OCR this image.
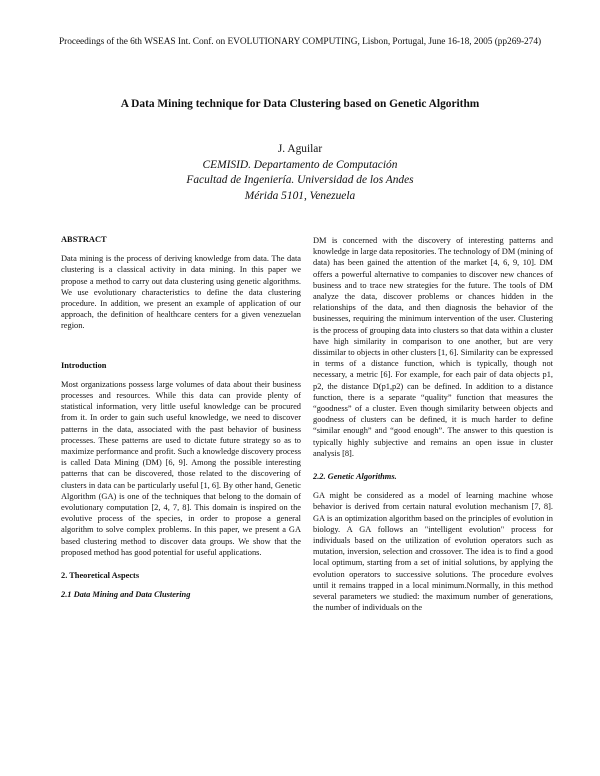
Proceedings of the 6th WSEAS Int. Conf. on EVOLUTIONARY COMPUTING, Lisbon, Portugal, June 16-18, 2005 (pp269-274)
A Data Mining technique for Data Clustering based on Genetic Algorithm
J. Aguilar
CEMISID. Departamento de Computación
Facultad de Ingeniería. Universidad de los Andes
Mérida 5101, Venezuela

ABSTRACT

Data mining is the process of deriving knowledge from data. The data clustering is a classical activity in data mining. In this paper we propose a method to carry out data clustering using genetic algorithms. We use evolutionary characteristics to define the data clustering procedure. In addition, we present an example of application of our approach, the definition of healthcare centers for a given venezuelan region.

Introduction

Most organizations possess large volumes of data about their business processes and resources. While this data can provide plenty of statistical information, very little useful knowledge can be procured from it. In order to gain such useful knowledge, we need to discover patterns in the data, associated with the past behavior of business processes. These patterns are used to dictate future strategy so as to maximize performance and profit. Such a knowledge discovery process is called Data Mining (DM) [6, 9]. Among the possible interesting patterns that can be discovered, those related to the discovering of clusters in data can be particularly useful [1, 6]. By other hand, Genetic Algorithm (GA) is one of the techniques that belong to the domain of evolutionary computation [2, 4, 7, 8]. This domain is inspired on the evolutive process of the species, in order to propose a general algorithm to solve complex problems. In this paper, we present a GA based clustering method to discover data groups. We show that the proposed method has good potential for useful applications.

2. Theoretical Aspects

2.1 Data Mining and Data Clustering

DM is concerned with the discovery of interesting patterns and knowledge in large data repositories. The technology of DM (mining of data) has been gained the attention of the market [4, 6, 9, 10]. DM offers a powerful alternative to companies to discover new chances of business and to trace new strategies for the future. The tools of DM analyze the data, discover problems or chances hidden in the relationships of the data, and then diagnosis the behavior of the businesses, requiring the minimum intervention of the user. Clustering is the process of grouping data into clusters so that data within a cluster have high similarity in comparison to one another, but are very dissimilar to objects in other clusters [1, 6]. Similarity can be expressed in terms of a distance function, which is typically, though not necessary, a metric [6]. For example, for each pair of data objects p1, p2, the distance D(p1,p2) can be defined. In addition to a distance function, there is a separate “quality” function that measures the “goodness” of a cluster. Even though similarity between objects and goodness of clusters can be defined, it is much harder to define “similar enough” and “good enough”. The answer to this question is typically highly subjective and remains an open issue in cluster analysis [8].

2.2. Genetic Algorithms.

GA might be considered as a model of learning machine whose behavior is derived from certain natural evolution mechanism [7, 8]. GA is an optimization algorithm based on the principles of evolution in biology. A GA follows an "intelligent evolution" process for individuals based on the utilization of evolution operators such as mutation, inversion, selection and crossover. The idea is to find a good local optimum, starting from a set of initial solutions, by applying the evolution operators to successive solutions. The procedure evolves until it remains trapped in a local minimum.Normally, in this method several parameters we studied: the maximum number of generations, the number of individuals on the
